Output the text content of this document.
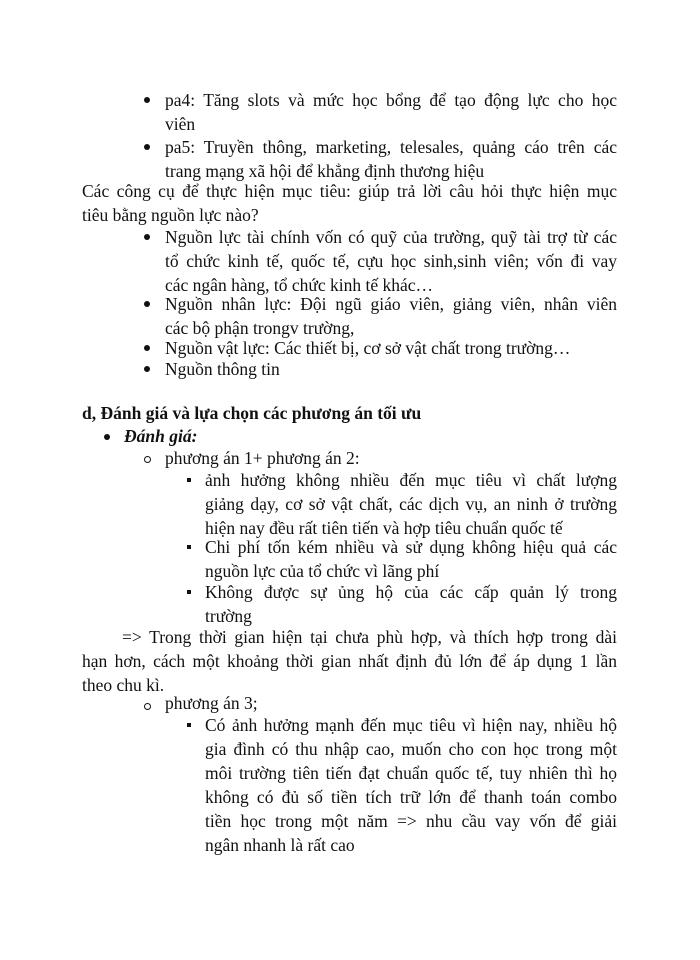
pa4: Tăng slots và mức học bổng để tạo động lực cho học
viên
pa5: Truyền thông, marketing, telesales, quảng cáo trên các
trang mạng xã hội để khẳng định thương hiệu
Các công cụ để thực hiện mục tiêu: giúp trả lời câu hỏi thực hiện mục
tiêu bằng nguồn lực nào?
Nguồn lực tài chính vốn có quỹ của trường, quỹ tài trợ từ các
tổ chức kinh tế, quốc tế, cựu học sinh,sinh viên; vốn đi vay
các ngân hàng, tổ chức kinh tế khác…
Nguồn nhân lực: Đội ngũ giáo viên, giảng viên, nhân viên
các bộ phận trongv trường,
Nguồn vật lực: Các thiết bị, cơ sở vật chất trong trường…
Nguồn thông tin
d, Đánh giá và lựa chọn các phương án tối ưu
Đánh giá:
phương án 1+ phương án 2:
ảnh hưởng không nhiều đến mục tiêu vì chất lượng
giảng dạy, cơ sở vật chất, các dịch vụ, an ninh ở trường
hiện nay đều rất tiên tiến và hợp tiêu chuẩn quốc tế
Chi phí tốn kém nhiều và sử dụng không hiệu quả các
nguồn lực của tổ chức vì lãng phí
Không được sự ủng hộ của các cấp quản lý trong
trường
=> Trong thời gian hiện tại chưa phù hợp, và thích hợp trong dài
hạn hơn, cách một khoảng thời gian nhất định đủ lớn để áp dụng 1 lần
theo chu kì.
phương án 3;
Có ảnh hưởng mạnh đến mục tiêu vì hiện nay, nhiều hộ
gia đình có thu nhập cao, muốn cho con học trong một
môi trường tiên tiến đạt chuẩn quốc tế, tuy nhiên thì họ
không có đủ số tiền tích trữ lớn để thanh toán combo
tiền học trong một năm => nhu cầu vay vốn để giải
ngân nhanh là rất cao
